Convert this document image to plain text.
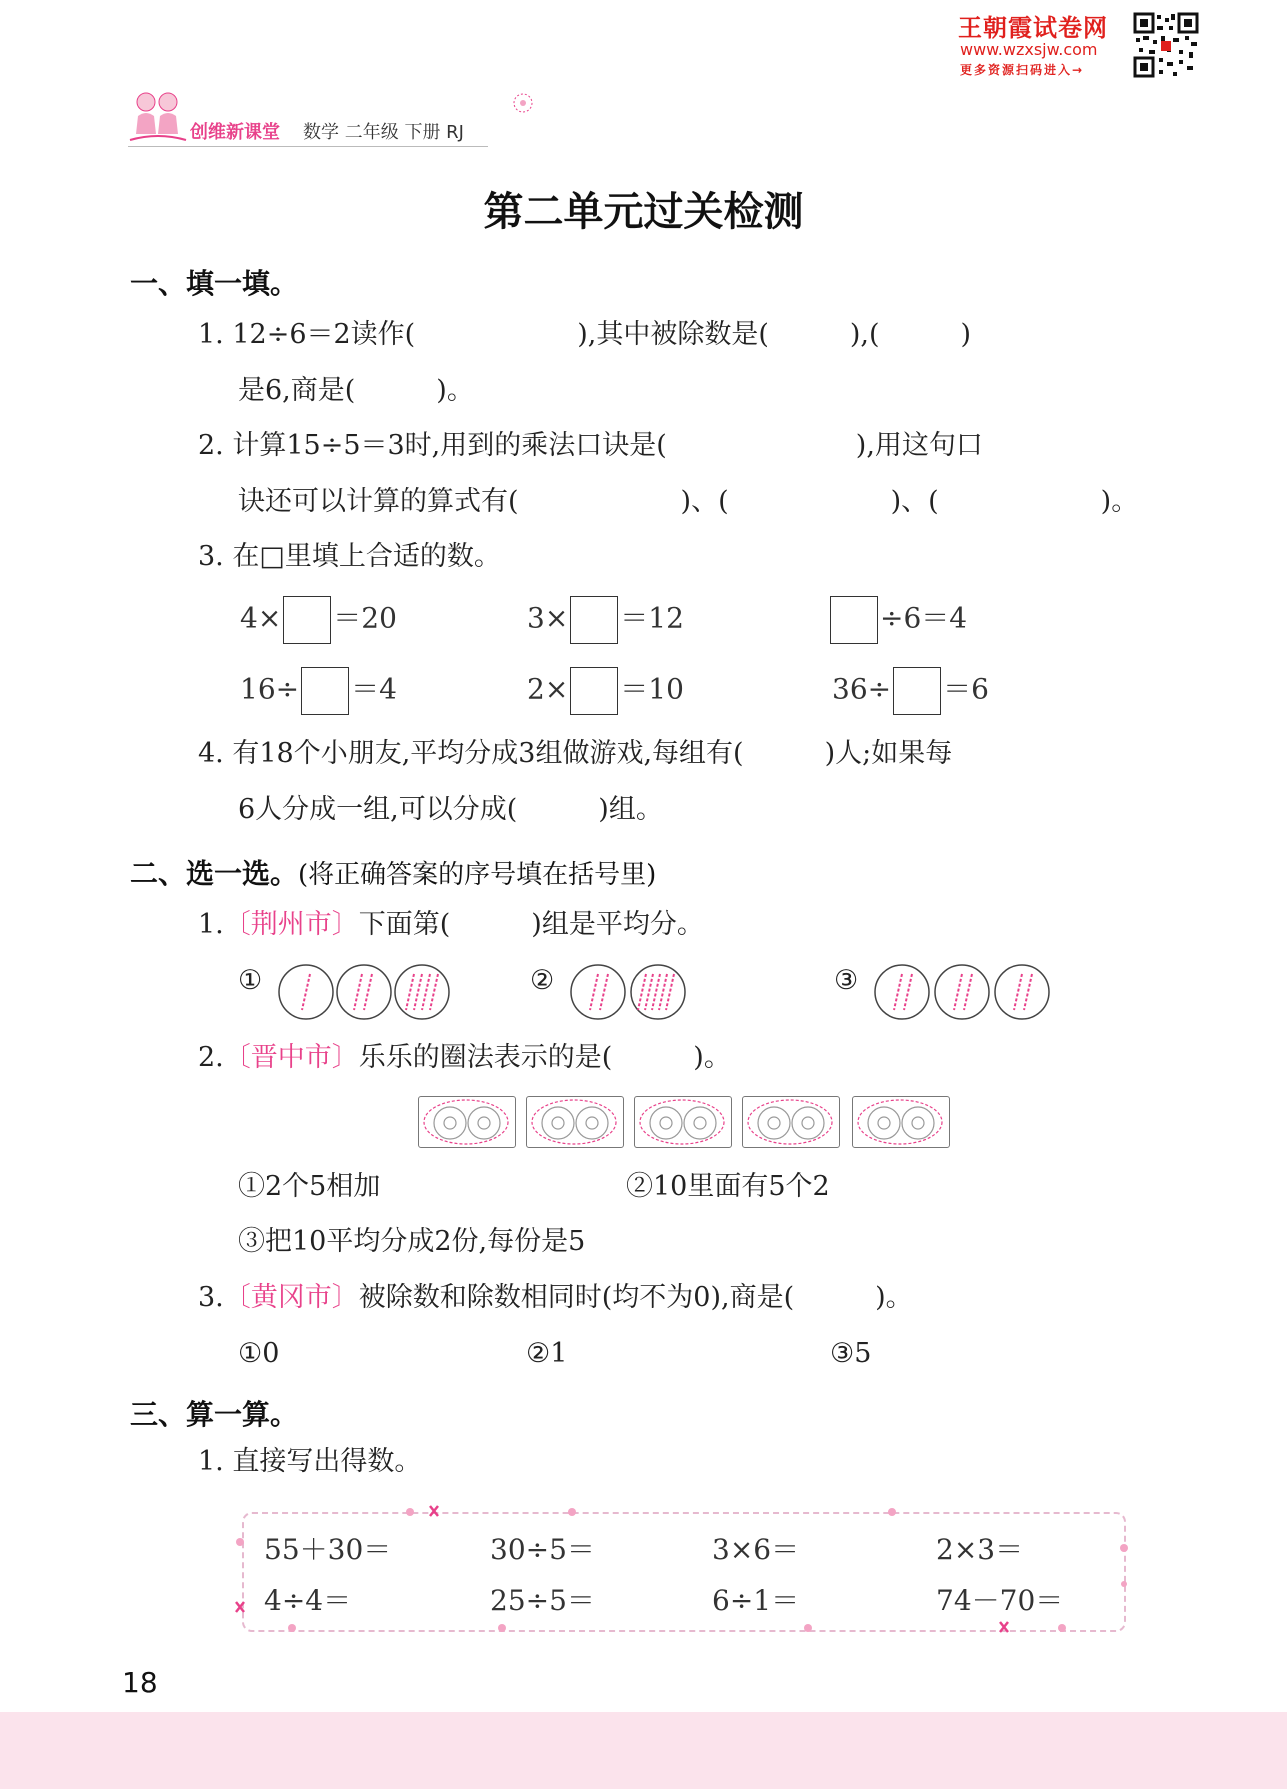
王朝霞试卷网
www.wzxsjw.com
更多资源扫码进入→
创维新课堂 数学 二年级 下册 RJ
第二单元过关检测
一、填一填。
1. 12÷6＝2读作(　　　　　　),其中被除数是(　　　),(　　　)
是6,商是(　　　)。
2. 计算15÷5＝3时,用到的乘法口诀是(　　　　　　　),用这句口
诀还可以计算的算式有(　　　　　　)、(　　　　　　)、(　　　　　　)。
3. 在□里填上合适的数。
4× ＝20	3× ＝12	÷6＝4
16÷ ＝4	2× ＝10	36÷ ＝6
4. 有18个小朋友,平均分成3组做游戏,每组有(　　　)人;如果每
6人分成一组,可以分成(　　　)组。
二、选一选。(将正确答案的序号填在括号里)
1.〔荆州市〕下面第(　　　)组是平均分。
①	②	③
2.〔晋中市〕乐乐的圈法表示的是(　　　)。
①2个5相加	②10里面有5个2
③把10平均分成2份,每份是5
3.〔黄冈市〕被除数和除数相同时(均不为0),商是(　　　)。
①0	②1	③5
三、算一算。
1. 直接写出得数。
55＋30＝	30÷5＝	3×6＝	2×3＝
4÷4＝	25÷5＝	6÷1＝	74－70＝
18
